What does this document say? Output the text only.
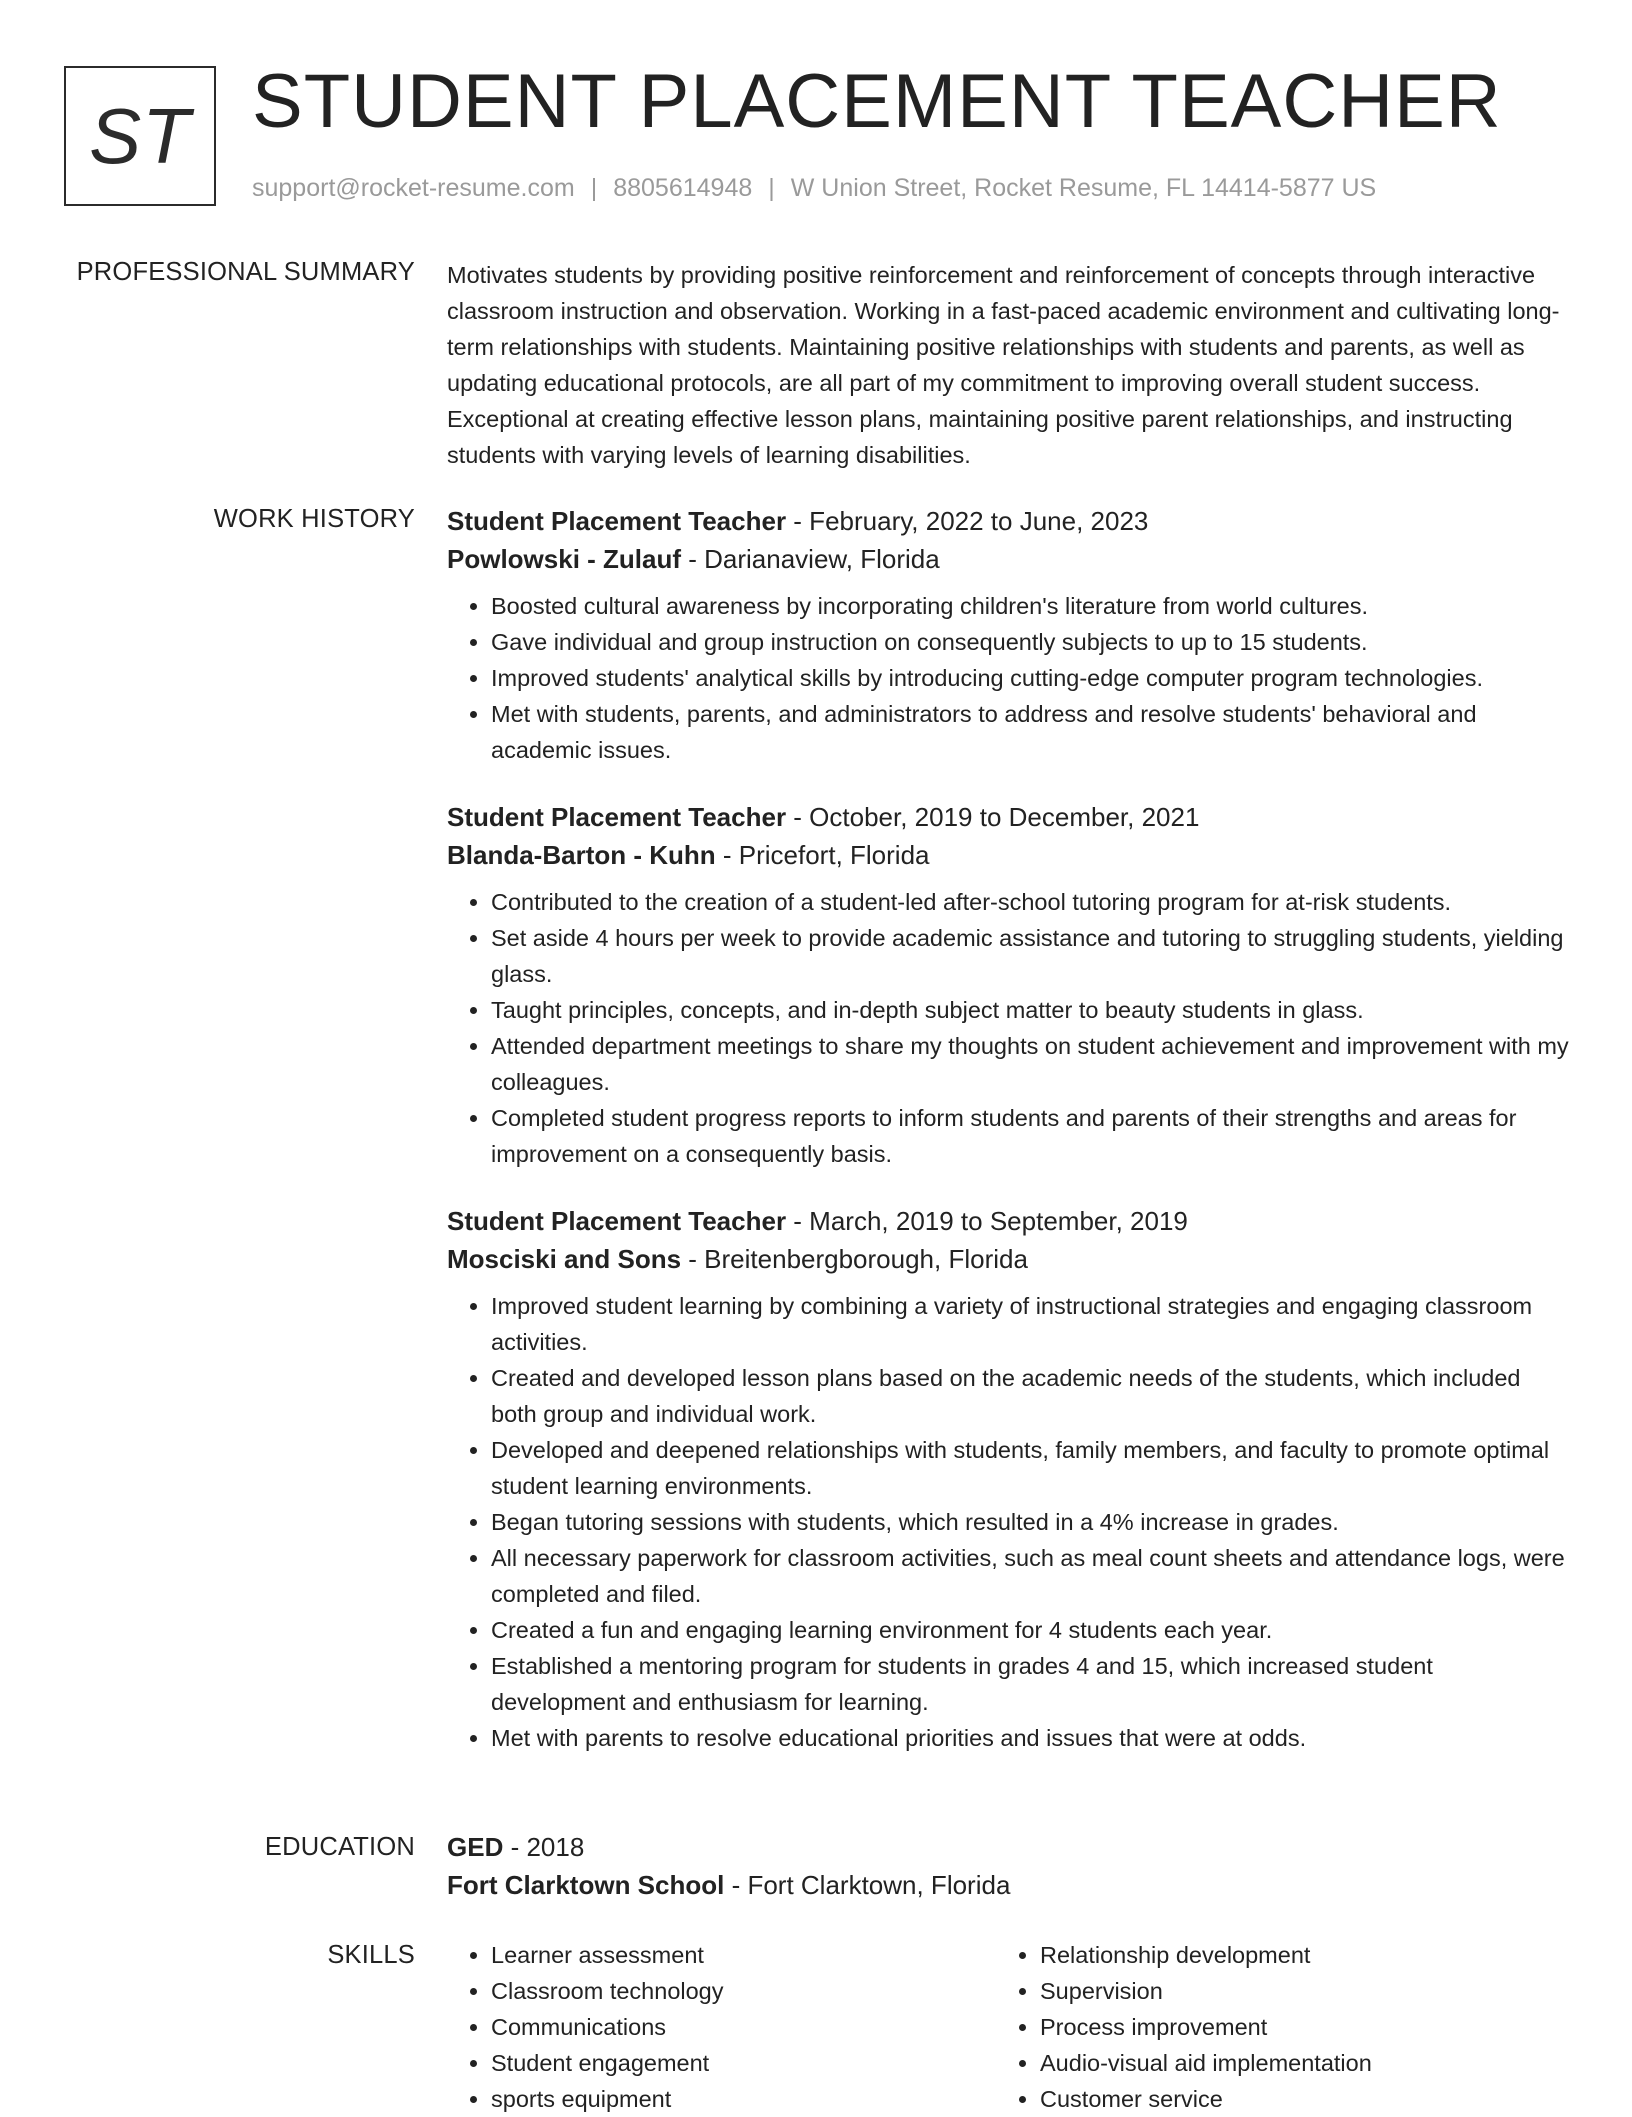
ST STUDENT PLACEMENT TEACHER
support@rocket-resume.com | 8805614948 | W Union Street, Rocket Resume, FL 14414-5877 US
PROFESSIONAL SUMMARY Motivates students by providing positive reinforcement and reinforcement of concepts through interactive classroom instruction and observation. Working in a fast-paced academic environment and cultivating long-term relationships with students. Maintaining positive relationships with students and parents, as well as updating educational protocols, are all part of my commitment to improving overall student success. Exceptional at creating effective lesson plans, maintaining positive parent relationships, and instructing students with varying levels of learning disabilities.

WORK HISTORY Student Placement Teacher - February, 2022 to June, 2023
Powlowski - Zulauf - Darianaview, Florida
• Boosted cultural awareness by incorporating children's literature from world cultures.
• Gave individual and group instruction on consequently subjects to up to 15 students.
• Improved students' analytical skills by introducing cutting-edge computer program technologies.
• Met with students, parents, and administrators to address and resolve students' behavioral and academic issues.
Student Placement Teacher - October, 2019 to December, 2021
Blanda-Barton - Kuhn - Pricefort, Florida
• Contributed to the creation of a student-led after-school tutoring program for at-risk students.
• Set aside 4 hours per week to provide academic assistance and tutoring to struggling students, yielding glass.
• Taught principles, concepts, and in-depth subject matter to beauty students in glass.
• Attended department meetings to share my thoughts on student achievement and improvement with my colleagues.
• Completed student progress reports to inform students and parents of their strengths and areas for improvement on a consequently basis.
Student Placement Teacher - March, 2019 to September, 2019
Mosciski and Sons - Breitenbergborough, Florida
• Improved student learning by combining a variety of instructional strategies and engaging classroom activities.
• Created and developed lesson plans based on the academic needs of the students, which included both group and individual work.
• Developed and deepened relationships with students, family members, and faculty to promote optimal student learning environments.
• Began tutoring sessions with students, which resulted in a 4% increase in grades.
• All necessary paperwork for classroom activities, such as meal count sheets and attendance logs, were completed and filed.
• Created a fun and engaging learning environment for 4 students each year.
• Established a mentoring program for students in grades 4 and 15, which increased student development and enthusiasm for learning.
• Met with parents to resolve educational priorities and issues that were at odds.
EDUCATION GED - 2018
Fort Clarktown School - Fort Clarktown, Florida
SKILLS
•	Learner assessment
• Classroom technology
• Communications
• Student engagement
• sports equipment
• Relationship development
• Supervision
• Process improvement
• Audio-visual aid implementation
• Customer service
